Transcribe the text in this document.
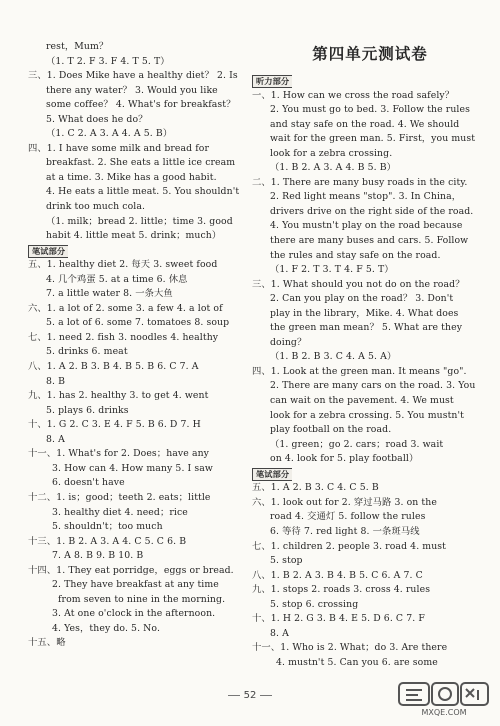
第四单元测试卷
rest，Mum？
（1. T 2. F 3. F 4. T 5. T）
三、1. Does Mike have a healthy diet？ 2. Is
there any water？ 3. Would you like
some coffee？ 4. What's for breakfast？
5. What does he do？
（1. C 2. A 3. A 4. A 5. B）
四、1. I have some milk and bread for
breakfast. 2. She eats a little ice cream
at a time. 3. Mike has a good habit.
4. He eats a little meat. 5. You shouldn't
drink too much cola.
（1. milk；bread 2. little；time 3. good
habit 4. little meat 5. drink；much）
笔试部分
五、1. healthy diet 2. 每天 3. sweet food
4. 几个鸡蛋 5. at a time 6. 休息
7. a little water 8. 一条大鱼
六、1. a lot of 2. some 3. a few 4. a lot of
5. a lot of 6. some 7. tomatoes 8. soup
七、1. need 2. fish 3. noodles 4. healthy
5. drinks 6. meat
八、1. A 2. B 3. B 4. B 5. B 6. C 7. A
8. B
九、1. has 2. healthy 3. to get 4. went
5. plays 6. drinks
十、1. G 2. C 3. E 4. F 5. B 6. D 7. H
8. A
十一、1. What's for 2. Does；have any
3. How can 4. How many 5. I saw
6. doesn't have
十二、1. is；good；teeth 2. eats；little
3. healthy diet 4. need；rice
5. shouldn't；too much
十三、1. B 2. A 3. A 4. C 5. C 6. B
7. A 8. B 9. B 10. B
十四、1. They eat porridge，eggs or bread.
2. They have breakfast at any time
from seven to nine in the morning.
3. At one o'clock in the afternoon.
4. Yes，they do. 5. No.
十五、略
听力部分
一、1. How can we cross the road safely？
2. You must go to bed. 3. Follow the rules
and stay safe on the road. 4. We should
wait for the green man. 5. First，you must
look for a zebra crossing.
（1. B 2. A 3. A 4. B 5. B）
二、1. There are many busy roads in the city.
2. Red light means "stop". 3. In China，
drivers drive on the right side of the road.
4. You mustn't play on the road because
there are many buses and cars. 5. Follow
the rules and stay safe on the road.
（1. F 2. T 3. T 4. F 5. T）
三、1. What should you not do on the road？
2. Can you play on the road？ 3. Don't
play in the library，Mike. 4. What does
the green man mean？ 5. What are they
doing？
（1. B 2. B 3. C 4. A 5. A）
四、1. Look at the green man. It means "go".
2. There are many cars on the road. 3. You
can wait on the pavement. 4. We must
look for a zebra crossing. 5. You mustn't
play football on the road.
（1. green；go 2. cars；road 3. wait
on 4. look for 5. play football）
笔试部分
五、1. A 2. B 3. C 4. C 5. B
六、1. look out for 2. 穿过马路 3. on the
road 4. 交通灯 5. follow the rules
6. 等待 7. red light 8. 一条斑马线
七、1. children 2. people 3. road 4. must
5. stop
八、1. B 2. A 3. B 4. B 5. C 6. A 7. C
九、1. stops 2. roads 3. cross 4. rules
5. stop 6. crossing
十、1. H 2. G 3. B 4. E 5. D 6. C 7. F
8. A
十一、1. Who is 2. What；do 3. Are there
4. mustn't 5. Can you 6. are some
52
MXQE.COM
